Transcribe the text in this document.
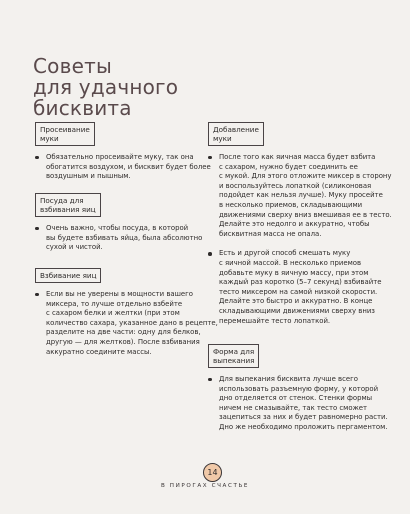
Советы
для удачного
бисквита
Просеивание
муки
Обязательно просеивайте муку, так она
обогатится воздухом, и бисквит будет более
воздушным и пышным.
Посуда для
взбивания яиц
Очень важно, чтобы посуда, в которой
вы будете взбивать яйца, была абсолютно
сухой и чистой.
Взбивание яиц
Если вы не уверены в мощности вашего
миксера, то лучше отдельно взбейте
с сахаром белки и желтки (при этом
количество сахара, указанное дано в рецепте,
разделите на две части: одну для белков,
другую — для желтков). После взбивания
аккуратно соедините массы.
Добавление
муки
После того как яичная масса будет взбита
с сахаром, нужно будет соединить ее
с мукой. Для этого отложите миксер в сторону
и воспользуйтесь лопаткой (силиконовая
подойдет как нельзя лучше). Муку просейте
в несколько приемов, складывающими
движениями сверху вниз вмешивая ее в тесто.
Делайте это недолго и аккуратно, чтобы
бисквитная масса не опала.
Есть и другой способ смешать муку
с яичной массой. В несколько приемов
добавьте муку в яичную массу, при этом
каждый раз коротко (5–7 секунд) взбивайте
тесто миксером на самой низкой скорости.
Делайте это быстро и аккуратно. В конце
складывающими движениями сверху вниз
перемешайте тесто лопаткой.
Форма для
выпекания
Для выпекания бисквита лучше всего
использовать разъемную форму, у которой
дно отделяется от стенок. Стенки формы
ничем не смазывайте, так тесто сможет
зацепиться за них и будет равномерно расти.
Дно же необходимо проложить пергаментом.
14
В ПИРОГАХ СЧАСТЬЕ
